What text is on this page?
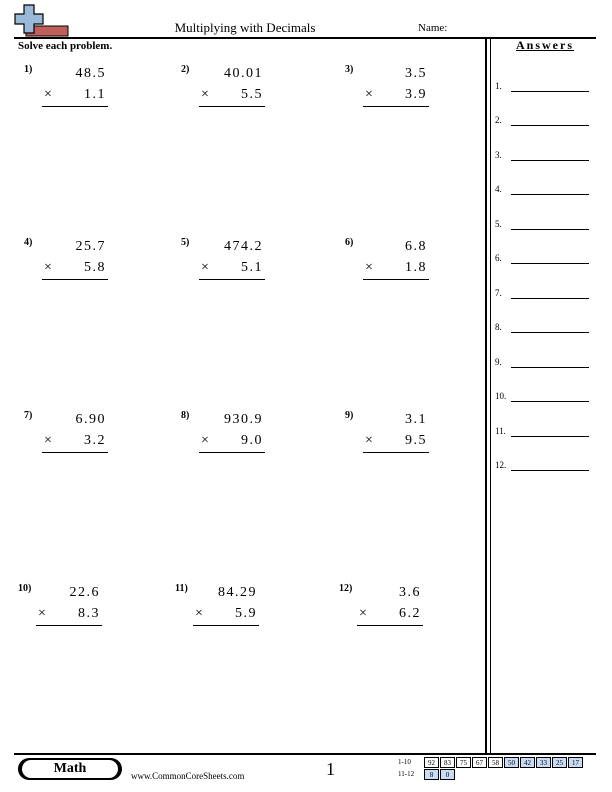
Multiplying with Decimals	Name:
Solve each problem.
1)	48.5
× 1.1
2) 40.01
× 5.5
3)	3.5
× 3.9
4)	25.7
× 5.8
5) 474.2
× 5.1
6)	6.8
× 1.8
7)	6.90
× 3.2
8) 930.9
× 9.0
9)	3.1
× 9.5
10)	22.6
× 8.3
11) 84.29
× 5.9
12)	3.6
× 6.2
Answers
1.
2.
3.
4.
5.
6.
7.
8.
9.
10.
11.
12.
Math	www.CommonCoreSheets.com	1	1-10
11-12
92	83	75	67	58	50	42	33	25	17
8	0
